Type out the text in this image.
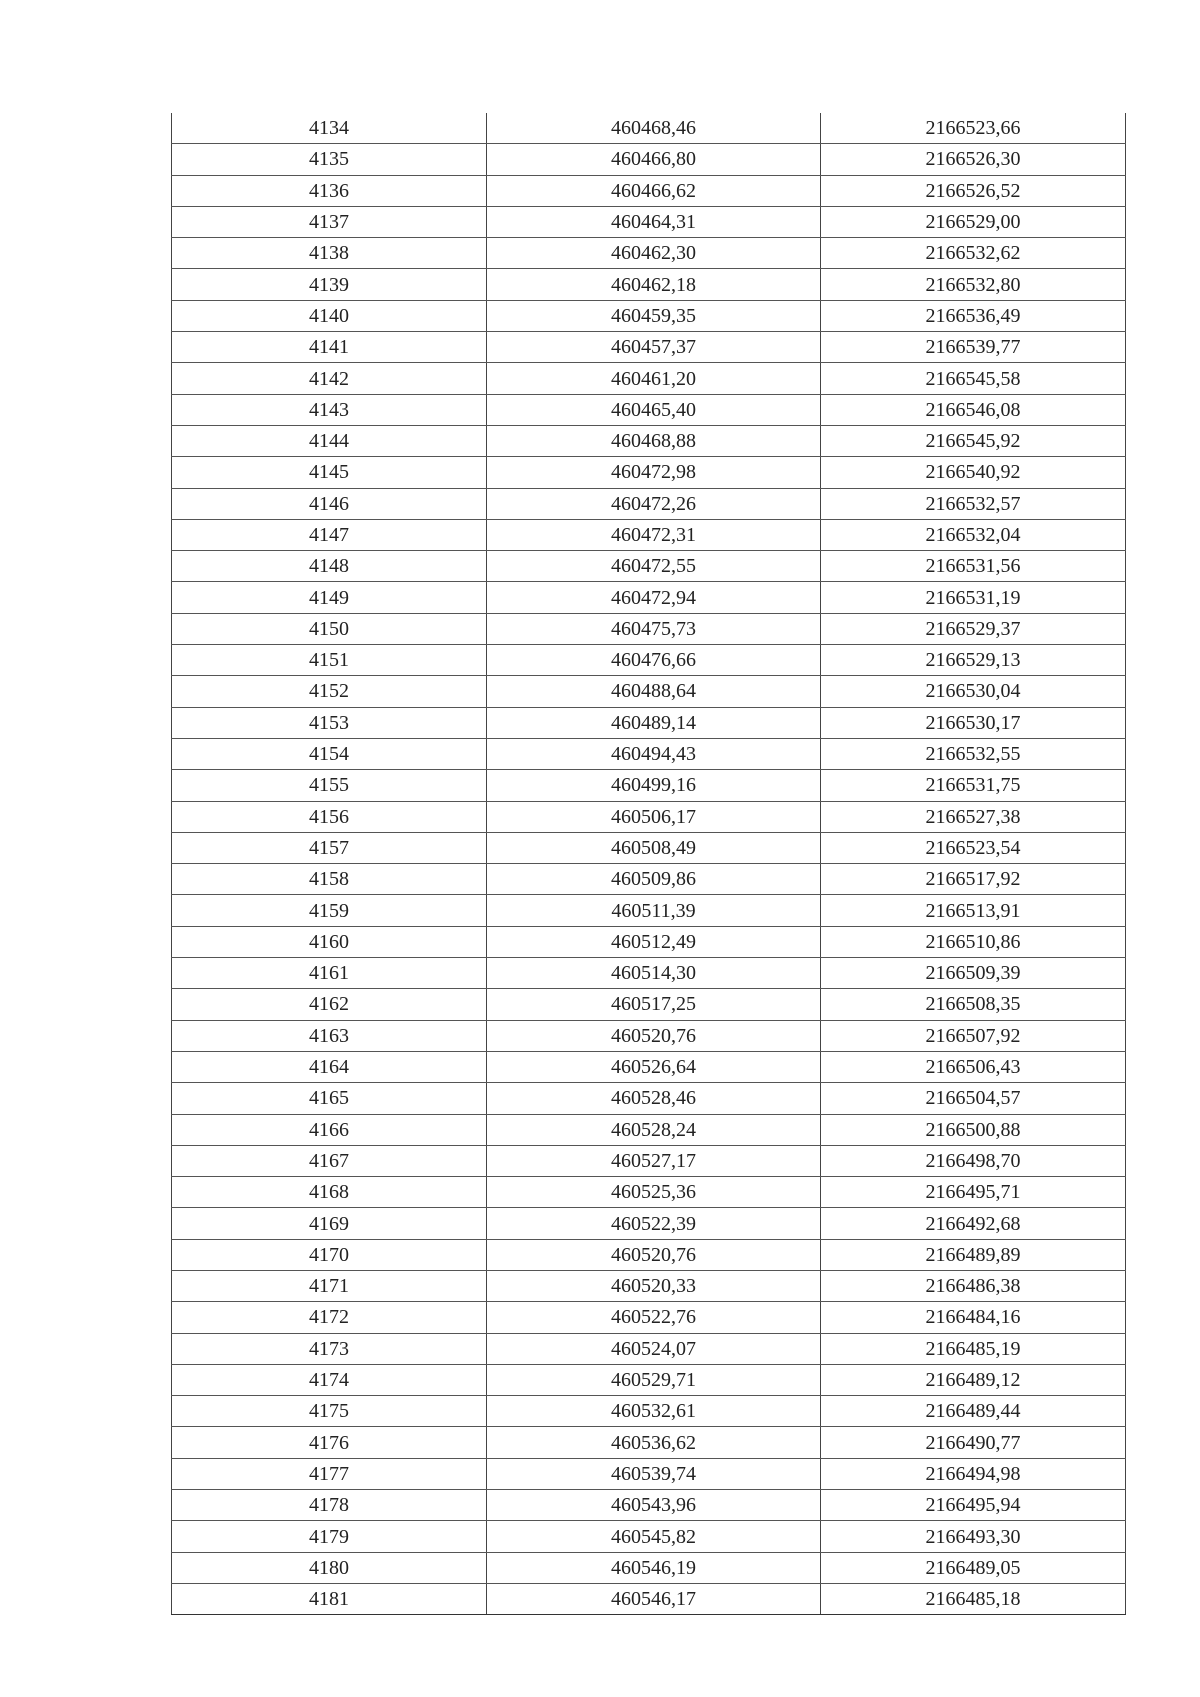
4134	460468,46	2166523,66
4135	460466,80	2166526,30
4136	460466,62	2166526,52
4137	460464,31	2166529,00
4138	460462,30	2166532,62
4139	460462,18	2166532,80
4140	460459,35	2166536,49
4141	460457,37	2166539,77
4142	460461,20	2166545,58
4143	460465,40	2166546,08
4144	460468,88	2166545,92
4145	460472,98	2166540,92
4146	460472,26	2166532,57
4147	460472,31	2166532,04
4148	460472,55	2166531,56
4149	460472,94	2166531,19
4150	460475,73	2166529,37
4151	460476,66	2166529,13
4152	460488,64	2166530,04
4153	460489,14	2166530,17
4154	460494,43	2166532,55
4155	460499,16	2166531,75
4156	460506,17	2166527,38
4157	460508,49	2166523,54
4158	460509,86	2166517,92
4159	460511,39	2166513,91
4160	460512,49	2166510,86
4161	460514,30	2166509,39
4162	460517,25	2166508,35
4163	460520,76	2166507,92
4164	460526,64	2166506,43
4165	460528,46	2166504,57
4166	460528,24	2166500,88
4167	460527,17	2166498,70
4168	460525,36	2166495,71
4169	460522,39	2166492,68
4170	460520,76	2166489,89
4171	460520,33	2166486,38
4172	460522,76	2166484,16
4173	460524,07	2166485,19
4174	460529,71	2166489,12
4175	460532,61	2166489,44
4176	460536,62	2166490,77
4177	460539,74	2166494,98
4178	460543,96	2166495,94
4179	460545,82	2166493,30
4180	460546,19	2166489,05
4181	460546,17	2166485,18
